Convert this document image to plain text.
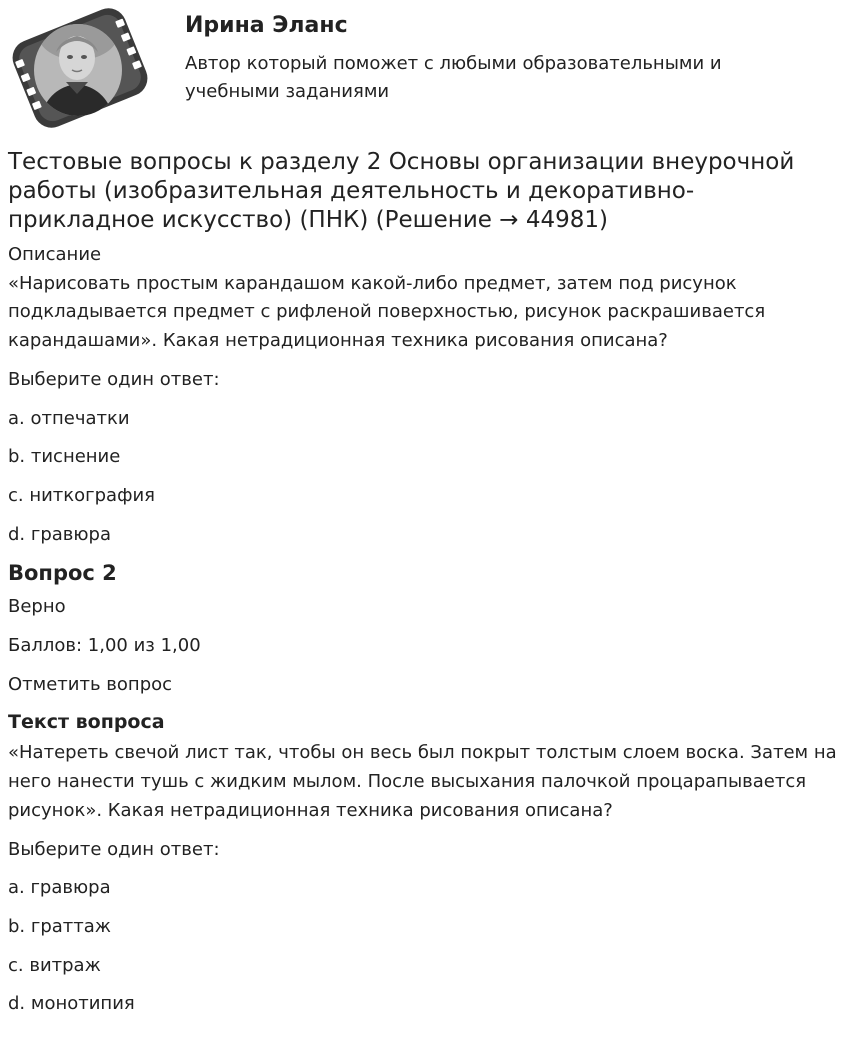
Ирина Эланс
Автор который поможет с любыми образовательными и учебными заданиями
Тестовые вопросы к разделу 2 Основы организации внеурочной работы (изобразительная деятельность и декоративно-прикладное искусство) (ПНК) (Решение → 44981)

Описание

«Нарисовать простым карандашом какой-либо предмет, затем под рисунок подкладывается предмет с рифленой поверхностью, рисунок раскрашивается карандашами». Какая нетрадиционная техника рисования описана?

Выберите один ответ:

a. отпечатки

b. тиснение

c. ниткография

d. гравюра

Вопрос 2

Верно

Баллов: 1,00 из 1,00

Отметить вопрос

Текст вопроса

«Натереть свечой лист так, чтобы он весь был покрыт толстым слоем воска. Затем на него нанести тушь с жидким мылом. После высыхания палочкой процарапывается рисунок». Какая нетрадиционная техника рисования описана?

Выберите один ответ:

a. гравюра

b. граттаж

c. витраж

d. монотипия
